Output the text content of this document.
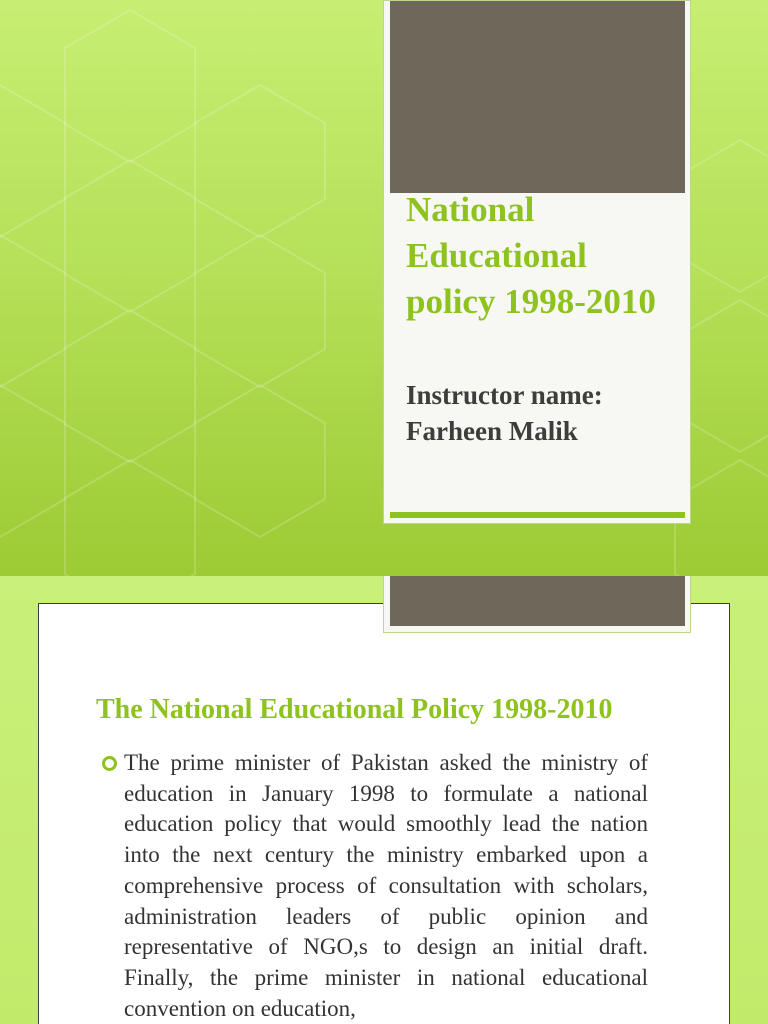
National Educational policy 1998-2010

Instructor name:
Farheen Malik

The National Educational Policy 1998-2010

The prime minister of Pakistan asked the ministry of education in January 1998 to formulate a national education policy that would smoothly lead the nation into the next century the ministry embarked upon a comprehensive process of consultation with scholars, administration leaders of public opinion and representative of NGO,s to design an initial draft. Finally, the prime minister in national educational convention on education,
